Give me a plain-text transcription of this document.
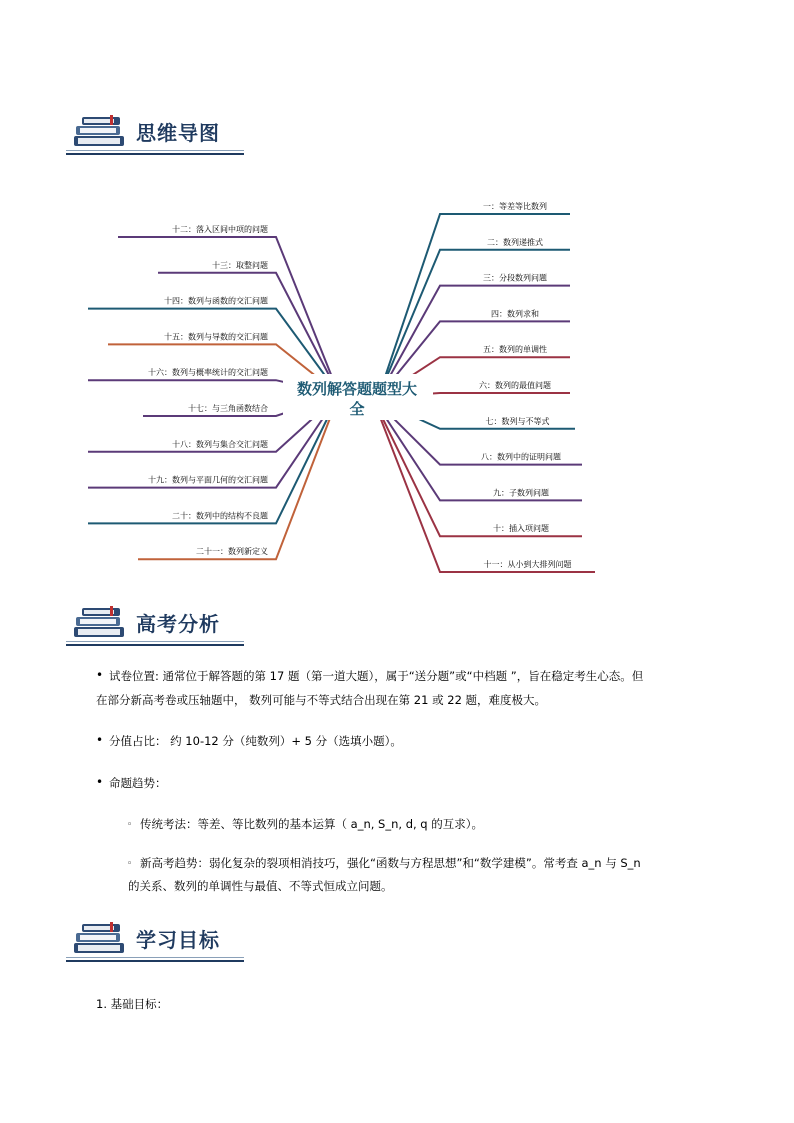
思维导图
一：等差等比数列
二：数列递推式
三：分段数列问题
四：数列求和
五：数列的单调性
六：数列的最值问题
七：数列与不等式
八：数列中的证明问题
九：子数列问题
十：插入项问题
十一：从小到大排列问题
十二：落入区间中项的问题
十三：取整问题
十四：数列与函数的交汇问题
十五：数列与导数的交汇问题
十六：数列与概率统计的交汇问题
十七：与三角函数结合
十八：数列与集合交汇问题
十九：数列与平面几何的交汇问题
二十：数列中的结构不良题
二十一：数列新定义
数列解答题题型大
全
高考分析
• 试卷位置: 通常位于解答题的第 17 题（第一道大题），属于“送分题”或“中档题 ”，旨在稳定考生心态。但
在部分新高考卷或压轴题中， 数列可能与不等式结合出现在第 21 或 22 题，难度极大。
• 分值占比： 约 10-12 分（纯数列）+ 5 分（选填小题）。
• 命题趋势：
◦ 传统考法：等差、等比数列的基本运算（ a_n, S_n, d, q 的互求）。
◦ 新高考趋势：弱化复杂的裂项相消技巧，强化“函数与方程思想”和“数学建模”。常考查 a_n 与 S_n
的关系、数列的单调性与最值、不等式恒成立问题。
学习目标
1. 基础目标：
